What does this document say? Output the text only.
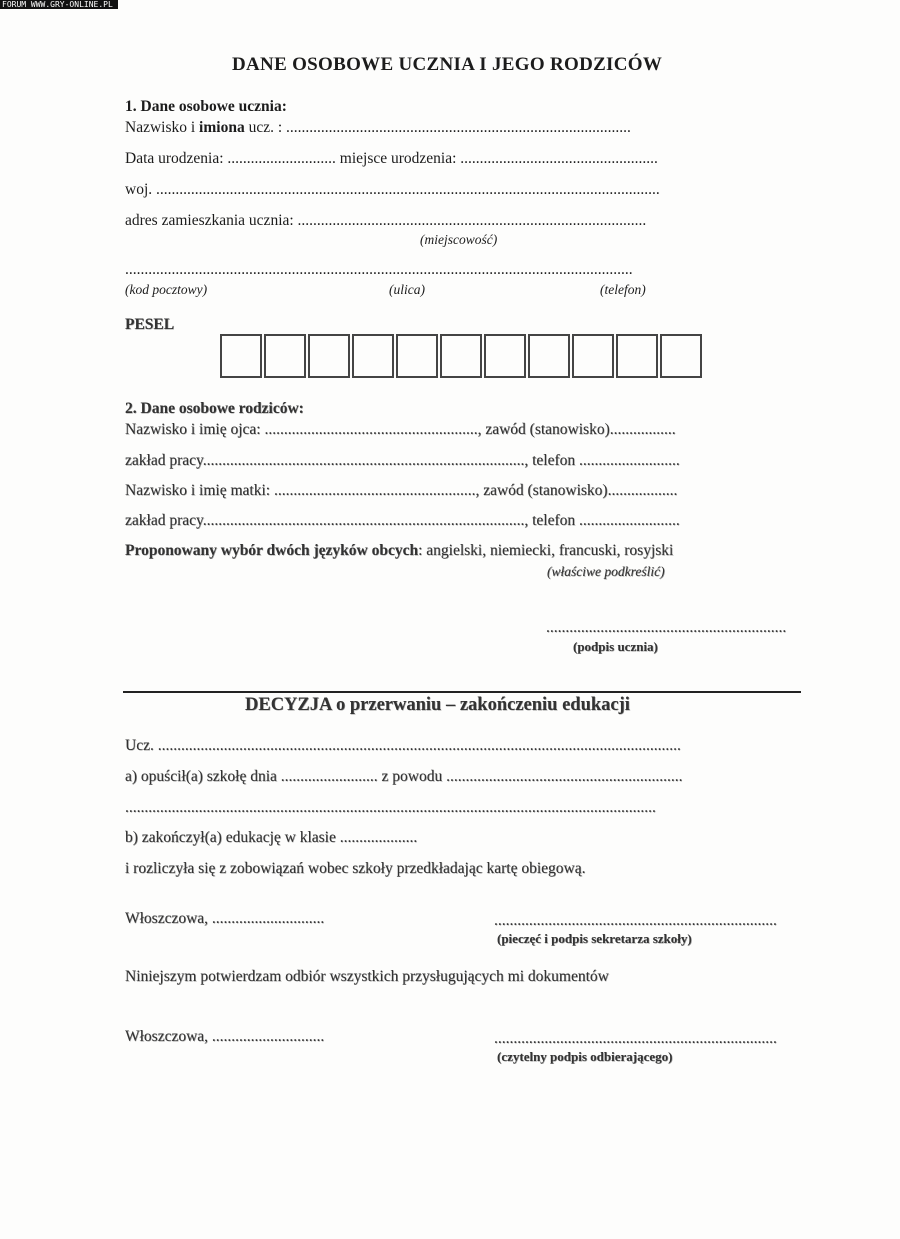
FORUM WWW.GRY-ONLINE.PL
DANE OSOBOWE UCZNIA I JEGO RODZICÓW
1. Dane osobowe ucznia:
Nazwisko i imiona ucz. : .........................................................................................
Data urodzenia: ............................ miejsce urodzenia: ...................................................
woj. ..................................................................................................................................
adres zamieszkania ucznia: ..........................................................................................
(miejscowość)
...................................................................................................................................
(kod pocztowy)	(ulica)	(telefon)
PESEL
2. Dane osobowe rodziców:
Nazwisko i imię ojca: ......................................................., zawód (stanowisko).................
zakład pracy..................................................................................., telefon ..........................
Nazwisko i imię matki: ...................................................., zawód (stanowisko)..................
zakład pracy..................................................................................., telefon ..........................
Proponowany wybór dwóch języków obcych: angielski, niemiecki, francuski, rosyjski
(właściwe podkreślić)
..............................................................
(podpis ucznia)
DECYZJA o przerwaniu – zakończeniu edukacji
Ucz. .......................................................................................................................................
a) opuścił(a) szkołę dnia ......................... z powodu .............................................................
.........................................................................................................................................
b) zakończył(a) edukację w klasie ....................
i rozliczyła się z zobowiązań wobec szkoły przedkładając kartę obiegową.
Włoszczowa, .............................	.........................................................................
(pieczęć i podpis sekretarza szkoły)
Niniejszym potwierdzam odbiór wszystkich przysługujących mi dokumentów
Włoszczowa, .............................	.........................................................................
(czytelny podpis odbierającego)
